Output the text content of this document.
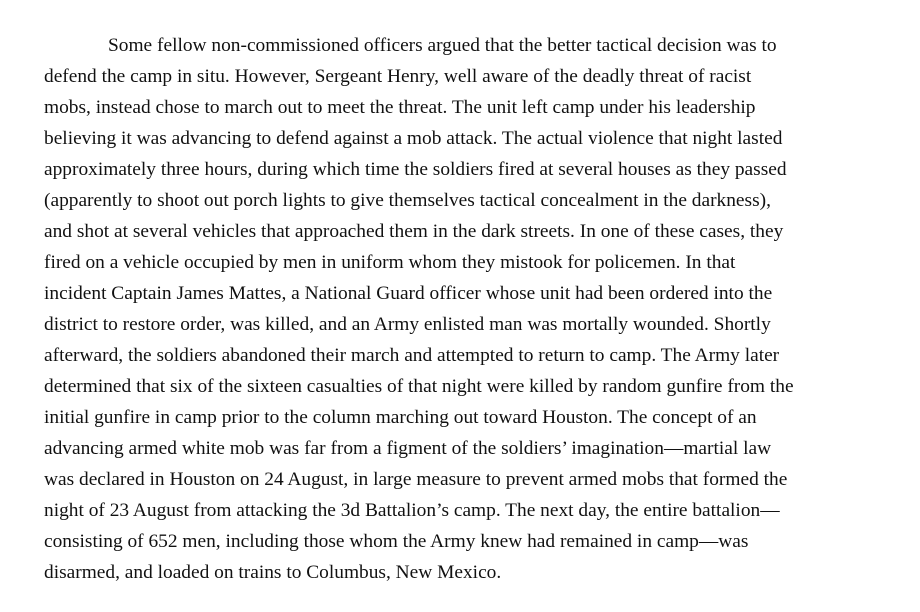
Some fellow non-commissioned officers argued that the better tactical decision was to

defend the camp in situ. However, Sergeant Henry, well aware of the deadly threat of racist

mobs, instead chose to march out to meet the threat. The unit left camp under his leadership

believing it was advancing to defend against a mob attack. The actual violence that night lasted

approximately three hours, during which time the soldiers fired at several houses as they passed

(apparently to shoot out porch lights to give themselves tactical concealment in the darkness),

and shot at several vehicles that approached them in the dark streets. In one of these cases, they

fired on a vehicle occupied by men in uniform whom they mistook for policemen. In that

incident Captain James Mattes, a National Guard officer whose unit had been ordered into the

district to restore order, was killed, and an Army enlisted man was mortally wounded. Shortly

afterward, the soldiers abandoned their march and attempted to return to camp. The Army later

determined that six of the sixteen casualties of that night were killed by random gunfire from the

initial gunfire in camp prior to the column marching out toward Houston. The concept of an

advancing armed white mob was far from a figment of the soldiers’ imagination—martial law

was declared in Houston on 24 August, in large measure to prevent armed mobs that formed the

night of 23 August from attacking the 3d Battalion’s camp. The next day, the entire battalion—

consisting of 652 men, including those whom the Army knew had remained in camp—was

disarmed, and loaded on trains to Columbus, New Mexico.
